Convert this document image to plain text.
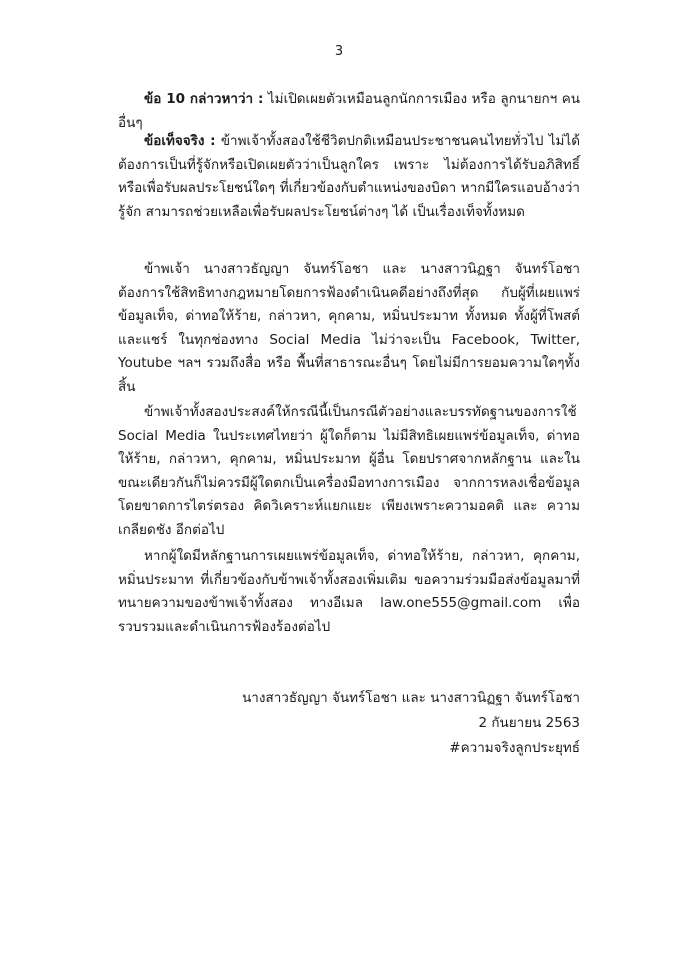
3

ข้อ 10 กล่าวหาว่า : ไม่เปิดเผยตัวเหมือนลูกนักการเมือง หรือ ลูกนายกฯ คนอื่นๆ

ข้อเท็จจริง : ข้าพเจ้าทั้งสองใช้ชีวิตปกติเหมือนประชาชนคนไทยทั่วไป ไม่ได้ต้องการเป็นที่รู้จักหรือเปิดเผยตัวว่าเป็นลูกใคร เพราะ ไม่ต้องการได้รับอภิสิทธิ์หรือเพื่อรับผลประโยชน์ใดๆ ที่เกี่ยวข้องกับตำแหน่งของบิดา หากมีใครแอบอ้างว่ารู้จัก สามารถช่วยเหลือเพื่อรับผลประโยชน์ต่างๆ ได้ เป็นเรื่องเท็จทั้งหมด

ข้าพเจ้า นางสาวธัญญา จันทร์โอชา และ นางสาวนิฏฐา จันทร์โอชา ต้องการใช้สิทธิทางกฎหมายโดยการฟ้องดำเนินคดีอย่างถึงที่สุด กับผู้ที่เผยแพร่ข้อมูลเท็จ, ด่าทอให้ร้าย, กล่าวหา, คุกคาม, หมิ่นประมาท ทั้งหมด ทั้งผู้ที่โพสต์และแชร์ ในทุกช่องทาง Social Media ไม่ว่าจะเป็น Facebook, Twitter, Youtube ฯลฯ รวมถึงสื่อ หรือ พื้นที่สาธารณะอื่นๆ โดยไม่มีการยอมความใดๆทั้งสิ้น

ข้าพเจ้าทั้งสองประสงค์ให้กรณีนี้เป็นกรณีตัวอย่างและบรรทัดฐานของการใช้ Social Media ในประเทศไทยว่า ผู้ใดก็ตาม ไม่มีสิทธิเผยแพร่ข้อมูลเท็จ, ด่าทอให้ร้าย, กล่าวหา, คุกคาม, หมิ่นประมาท ผู้อื่น โดยปราศจากหลักฐาน และในขณะเดียวกันก็ไม่ควรมีผู้ใดตกเป็นเครื่องมือทางการเมือง จากการหลงเชื่อข้อมูลโดยขาดการไตร่ตรอง คิดวิเคราะห์แยกแยะ เพียงเพราะความอคติ และ ความเกลียดชัง อีกต่อไป

หากผู้ใดมีหลักฐานการเผยแพร่ข้อมูลเท็จ, ด่าทอให้ร้าย, กล่าวหา, คุกคาม, หมิ่นประมาท ที่เกี่ยวข้องกับข้าพเจ้าทั้งสองเพิ่มเติม ขอความร่วมมือส่งข้อมูลมาที่ทนายความของข้าพเจ้าทั้งสอง ทางอีเมล law.one555@gmail.com เพื่อรวบรวมและดำเนินการฟ้องร้องต่อไป

นางสาวธัญญา จันทร์โอชา และ นางสาวนิฏฐา จันทร์โอชา
2 กันยายน 2563
#ความจริงลูกประยุทธ์
